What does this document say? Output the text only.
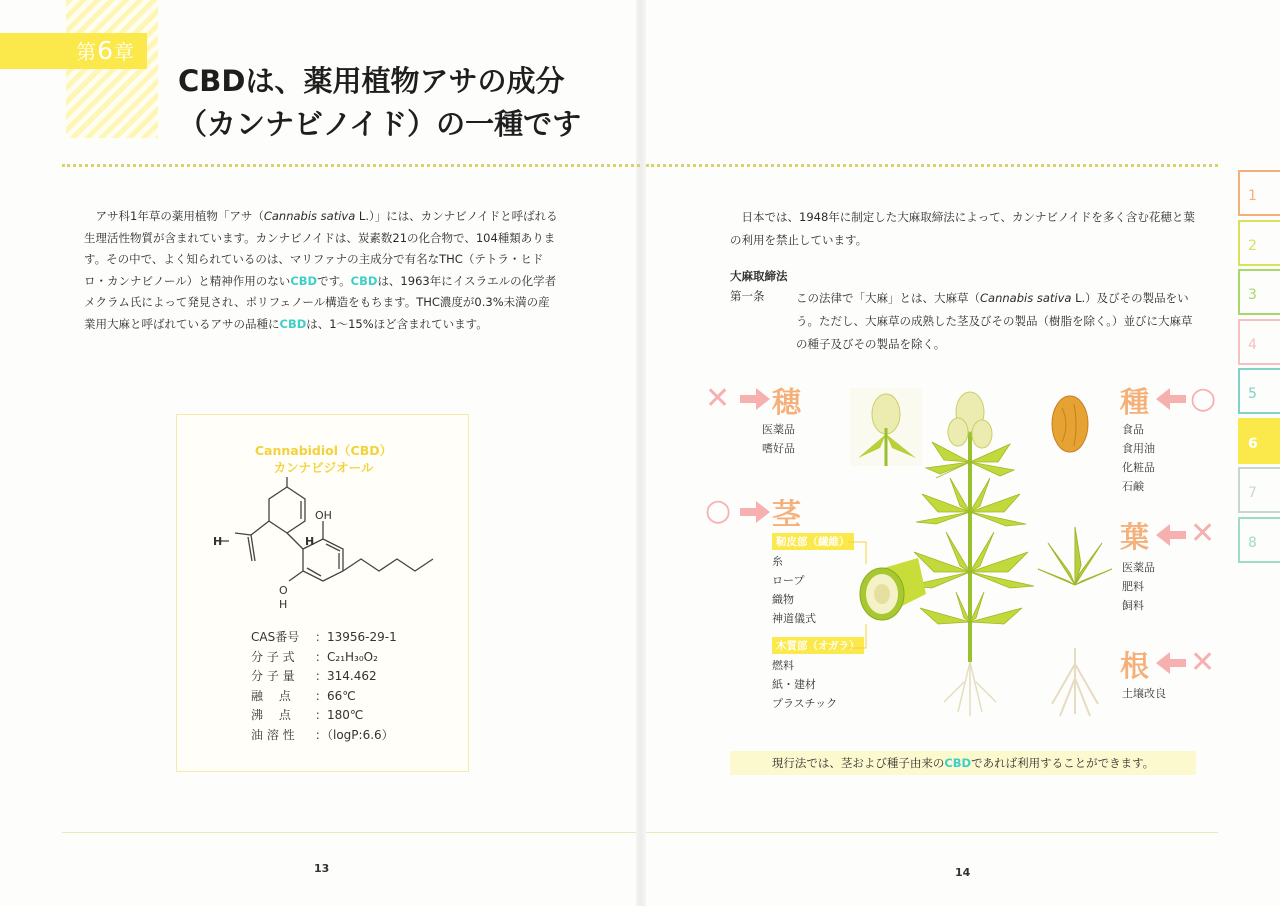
第6章
CBDは、薬用植物アサの成分
（カンナビノイド）の一種です

アサ科1年草の薬用植物「アサ（Cannabis sativa L.）」には、カンナビノイドと呼ばれる生理活性物質が含まれています。カンナビノイドは、炭素数21の化合物で、104種類あります。その中で、よく知られているのは、マリファナの主成分で有名なTHC（テトラ・ヒドロ・カンナビノール）と精神作用のないCBDです。CBDは、1963年にイスラエルの化学者メクラム氏によって発見され、ポリフェノール構造をもちます。THC濃度が0.3%未満の産業用大麻と呼ばれているアサの品種にCBDは、1〜15%ほど含まれています。

Cannabidiol（CBD）
カンナビジオール
OH
O
H
H	H
CAS番号	：13956-29-1
分 子 式	：C₂₁H₃₀O₂
分 子 量	：314.462
融　 点	：66℃
沸　 点	：180℃
油 溶 性	：（logP:6.6）
13	14

日本では、1948年に制定した大麻取締法によって、カンナビノイドを多く含む花穂と葉の利用を禁止しています。

大麻取締法
第一条	この法律で「大麻」とは、大麻草（Cannabis sativa L.）及びその製品をいう。ただし、大麻草の成熟した茎及びその製品（樹脂を除く。）並びに大麻草の種子及びその製品を除く。
✕ 穂
医薬品
嗜好品
○ 茎
靭皮部（繊維）
糸
ロープ
織物
神道儀式
木質部（オガラ）
燃料
紙・建材
プラスチック
種 ○
食品
食用油
化粧品
石鹸
葉 ✕
医薬品
肥料
飼料
根 ✕
土壌改良
現行法では、茎および種子由来のCBDであれば利用することができます。
1
2
3
4
5
6
7
8
